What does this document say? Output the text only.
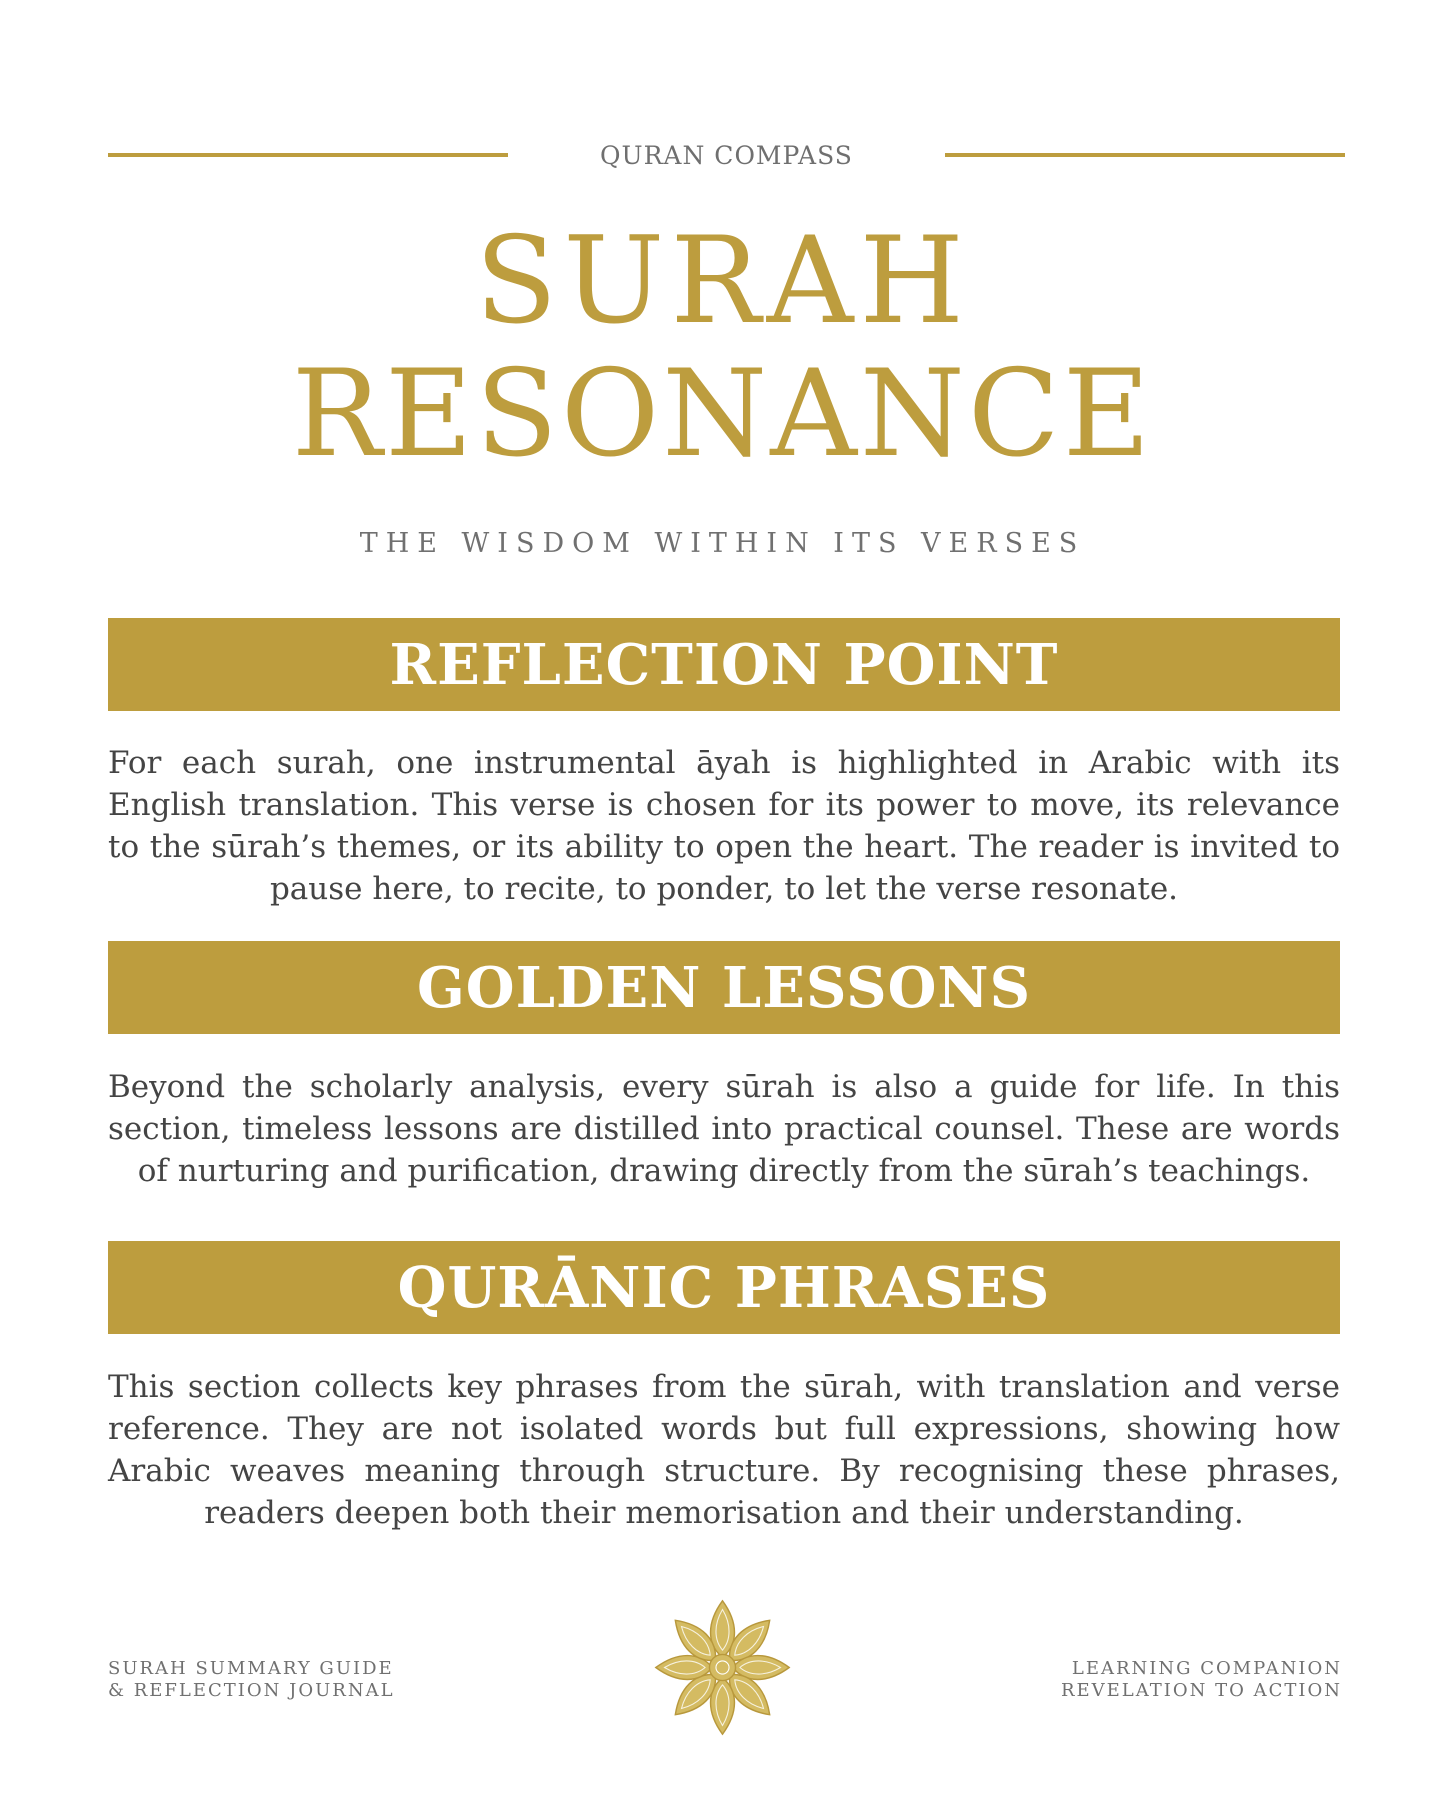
QURAN COMPASS
SURAH
RESONANCE
THE WISDOM WITHIN ITS VERSES
REFLECTION POINT

For each surah, one instrumental āyah is highlighted in Arabic with its English translation. This verse is chosen for its power to move, its relevance to the sūrah’s themes, or its ability to open the heart. The reader is invited to pause here, to recite, to ponder, to let the verse resonate.

GOLDEN LESSONS

Beyond the scholarly analysis, every sūrah is also a guide for life. In this section, timeless lessons are distilled into practical counsel. These are words of nurturing and purification, drawing directly from the sūrah’s teachings.

QURĀNIC PHRASES

This section collects key phrases from the sūrah, with translation and verse reference. They are not isolated words but full expressions, showing how Arabic weaves meaning through structure. By recognising these phrases, readers deepen both their memorisation and their understanding.

SURAH SUMMARY GUIDE
& REFLECTION JOURNAL
LEARNING COMPANION
REVELATION TO ACTION
